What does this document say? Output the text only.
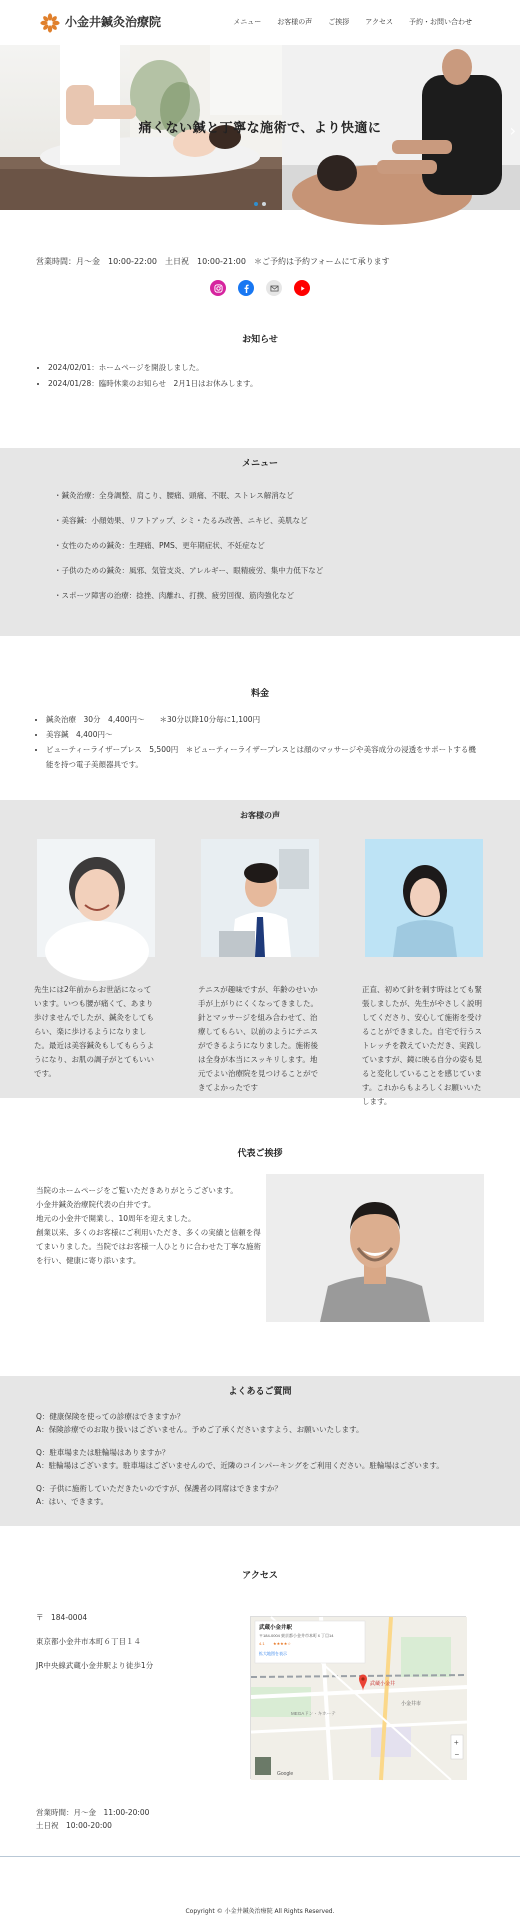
小金井鍼灸治療院	メニュー お客様の声 ご挨拶 アクセス 予約・お問い合わせ
痛くない鍼と丁寧な施術で、より快適に	›
営業時間：月〜金　10:00-22:00　土日祝　10:00-21:00　＊ご予約は予約フォームにて承ります
お知らせ
• 2024/02/01：ホームページを開設しました。
• 2024/01/28：臨時休業のお知らせ　2月1日はお休みします。
メニュー
・鍼灸治療：全身調整、肩こり、腰痛、頭痛、不眠、ストレス解消など
・美容鍼：小顔効果、リフトアップ、シミ・たるみ改善、ニキビ、美肌など
・女性のための鍼灸：生理痛、PMS、更年期症状、不妊症など
・子供のための鍼灸：風邪、気管支炎、アレルギー、眼精疲労、集中力低下など
・スポーツ障害の治療：捻挫、肉離れ、打撲、疲労回復、筋肉強化など
料金
• 鍼灸治療　30分　4,400円〜　　＊30分以降10分毎に1,100円
• 美容鍼　4,400円〜
• ビューティーライザープレス　5,500円　＊ビューティーライザープレスとは顔のマッサージや美容成分の浸透をサポートする機能を持つ電子美顔器具です。
お客様の声

先生には2年前からお世話になっています。いつも腰が痛くて、あまり歩けませんでしたが、鍼灸をしてもらい、楽に歩けるようになりました。最近は美容鍼灸もしてもらうようになり、お肌の調子がとてもいいです。

テニスが趣味ですが、年齢のせいか手が上がりにくくなってきました。針とマッサージを組み合わせて、治療してもらい、以前のようにテニスができるようになりました。施術後は全身が本当にスッキリします。地元でよい治療院を見つけることができてよかったです

正直、初めて針を刺す時はとても緊張しましたが、先生がやさしく説明してくださり、安心して施術を受けることができました。自宅で行うストレッチを教えていただき、実践していますが、鏡に映る自分の姿も見ると変化していることを感じています。これからもよろしくお願いいたします。

代表ご挨拶

当院のホームページをご覧いただきありがとうございます。

小金井鍼灸治療院代表の白井です。

地元の小金井で開業し、10周年を迎えました。

創業以来、多くのお客様にご利用いただき、多くの実績と信頼を得てまいりました。当院ではお客様一人ひとりに合わせた丁寧な施術を行い、健康に寄り添います。

よくあるご質問

Q：健康保険を使っての診療はできますか？

A：保険診療でのお取り扱いはございません。予めご了承くださいますよう、お願いいたします。

Q：駐車場または駐輪場はありますか？

A：駐輪場はございます。駐車場はございませんので、近隣のコインパーキングをご利用ください。駐輪場はございます。

Q：子供に施術していただきたいのですが、保護者の同席はできますか？

A：はい、できます。

アクセス

〒　184-0004

東京都小金井市本町６丁目１４

JR中央線武蔵小金井駅より徒歩1分

武蔵小金井
小金井市
MEGAドン・キホーテ
武蔵小金井駅
〒184-0004 東京都小金井市本町６丁目14
4.1 ★★★★☆
拡大地図を表示
+
−
Google

営業時間：月〜金　11:00-20:00

土日祝　10:00-20:00

Copyright © 小金井鍼灸治療院 All Rights Reserved.
